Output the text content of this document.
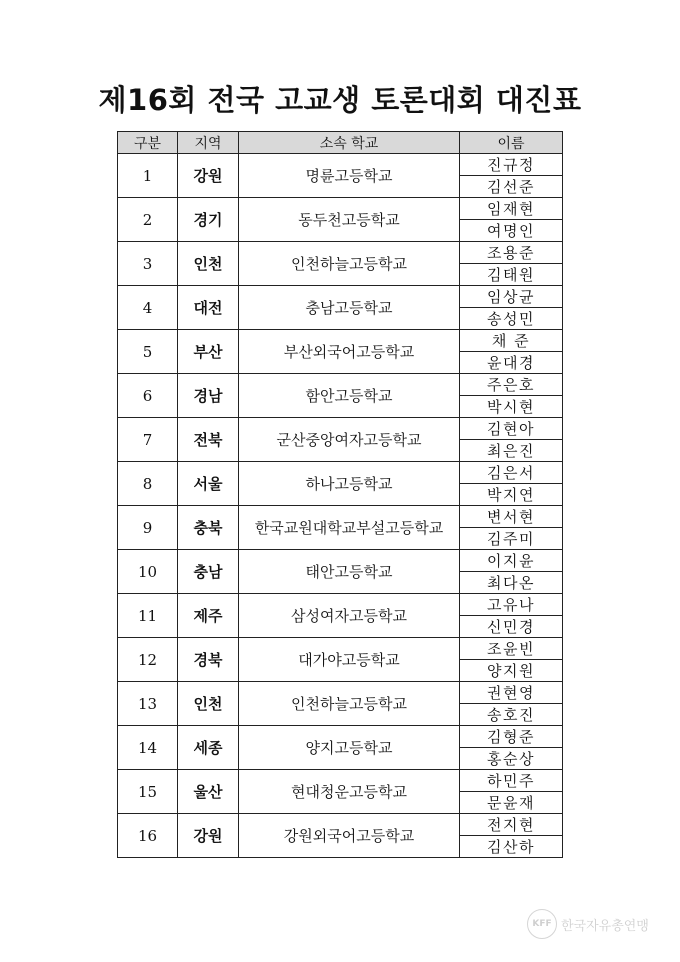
제16회 전국 고교생 토론대회 대진표
구분	지역	소속 학교	이름
1	강원	명륜고등학교	진규정
			김선준
2	경기	동두천고등학교	임재현
			여명인
3	인천	인천하늘고등학교	조용준
			김태원
4	대전	충남고등학교	임상균
			송성민
5	부산	부산외국어고등학교	채 준
			윤대경
6	경남	함안고등학교	주은호
			박시현
7	전북	군산중앙여자고등학교	김현아
			최은진
8	서울	하나고등학교	김은서
			박지연
9	충북	한국교원대학교부설고등학교	변서현
			김주미
10	충남	태안고등학교	이지윤
			최다온
11	제주	삼성여자고등학교	고유나
			신민경
12	경북	대가야고등학교	조윤빈
			양지원
13	인천	인천하늘고등학교	권현영
			송호진
14	세종	양지고등학교	김형준
			홍순상
15	울산	현대청운고등학교	하민주
			문윤재
16	강원	강원외국어고등학교	전지현
			김산하
KFF 한국자유총연맹
